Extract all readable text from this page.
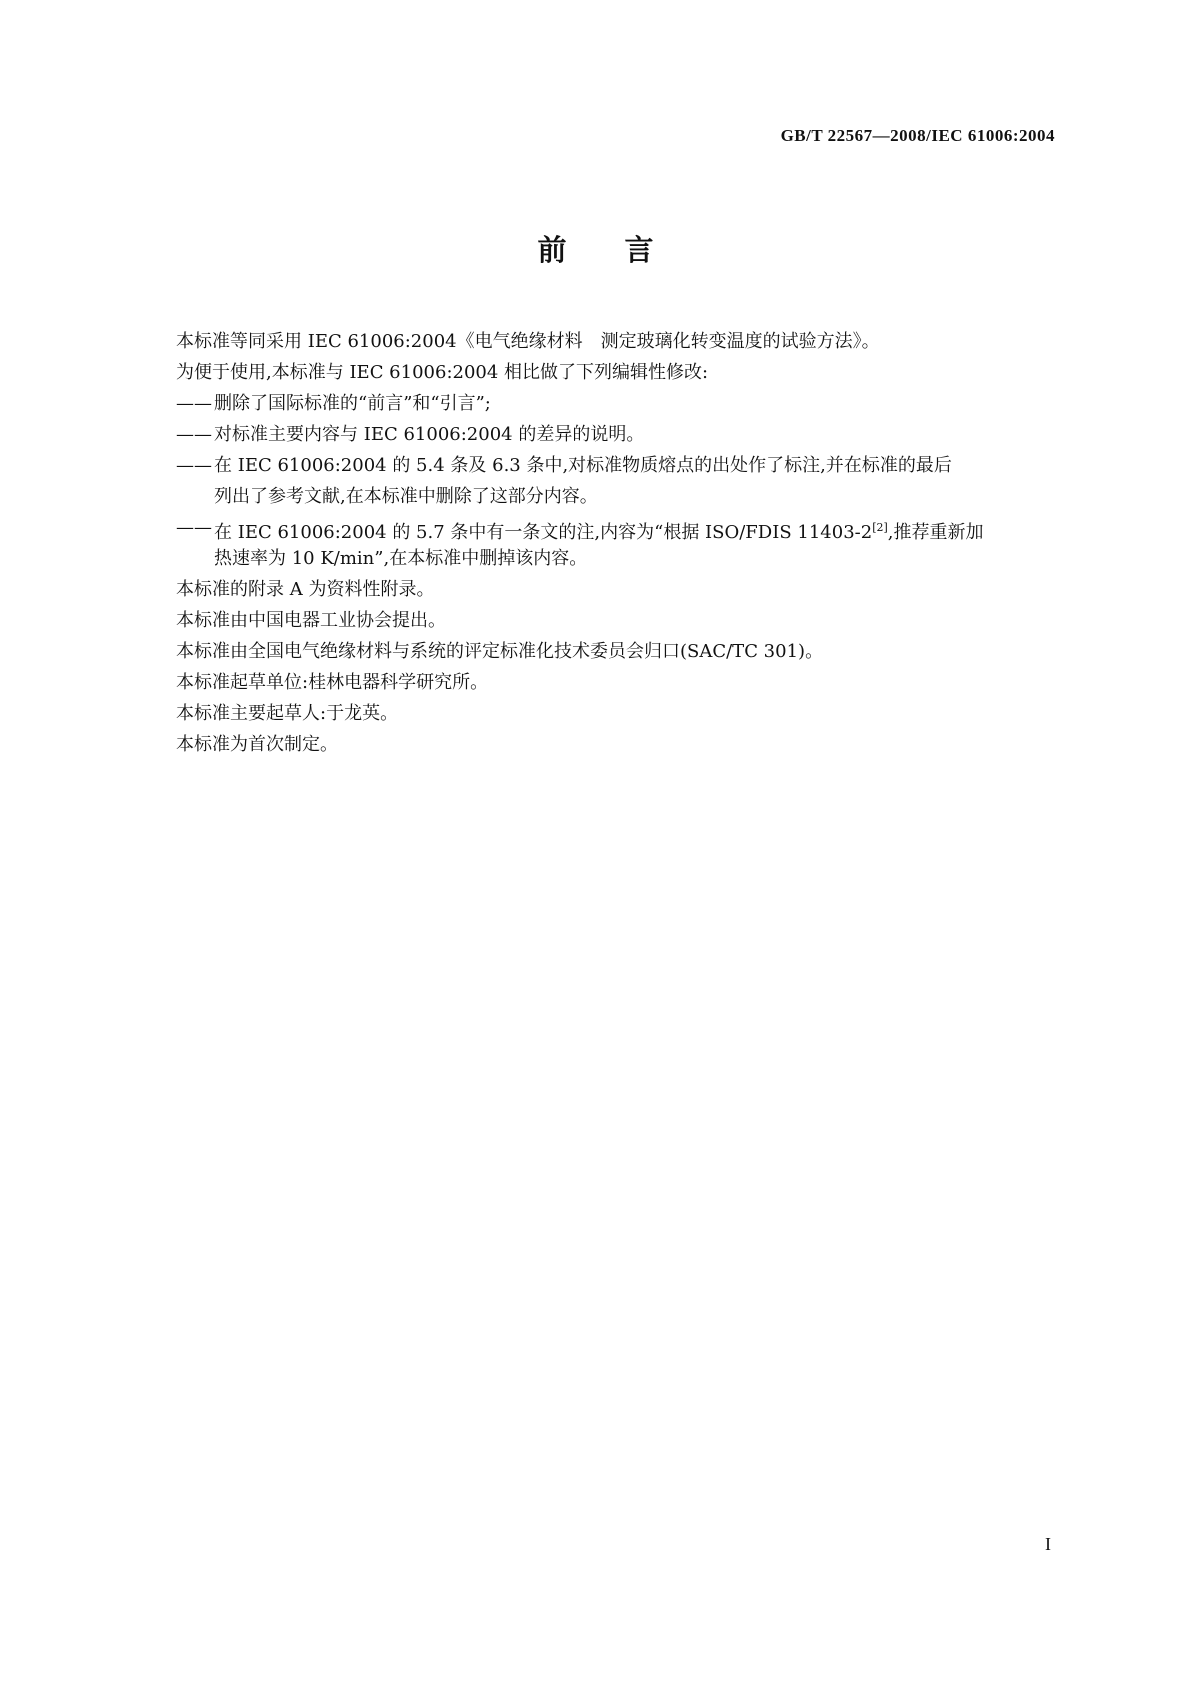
GB/T 22567—2008/IEC 61006:2004
前言
本标准等同采用 IEC 61006:2004《电气绝缘材料　测定玻璃化转变温度的试验方法》。
为便于使用,本标准与 IEC 61006:2004 相比做了下列编辑性修改:
—— 删除了国际标准的“前言”和“引言”;
—— 对标准主要内容与 IEC 61006:2004 的差异的说明。
—— 在 IEC 61006:2004 的 5.4 条及 6.3 条中,对标准物质熔点的出处作了标注,并在标准的最后
列出了参考文献,在本标准中删除了这部分内容。
—— 在 IEC 61006:2004 的 5.7 条中有一条文的注,内容为“根据 ISO/FDIS 11403-2[2],推荐重新加
热速率为 10 K/min”,在本标准中删掉该内容。
本标准的附录 A 为资料性附录。
本标准由中国电器工业协会提出。
本标准由全国电气绝缘材料与系统的评定标准化技术委员会归口(SAC/TC 301)。
本标准起草单位:桂林电器科学研究所。
本标准主要起草人:于龙英。
本标准为首次制定。
I
